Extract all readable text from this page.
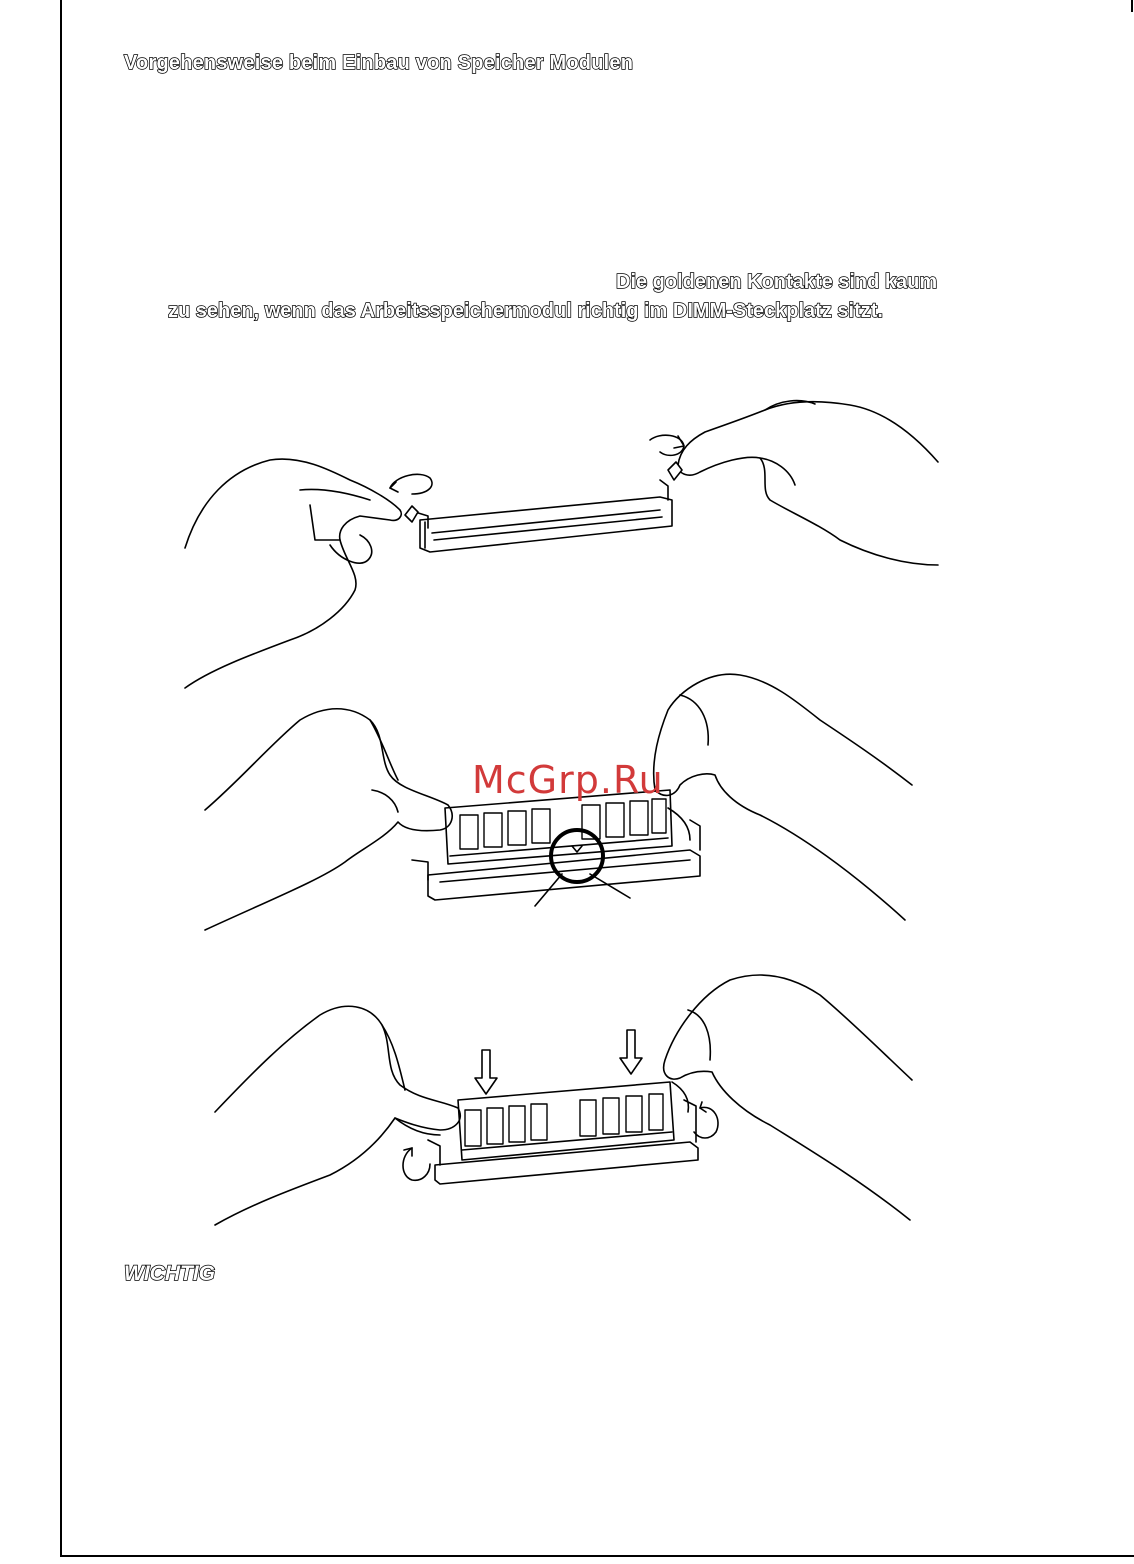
Vorgehensweise beim Einbau von Speicher Modulen
Die goldenen Kontakte sind kaum
zu sehen, wenn das Arbeitsspeichermodul richtig im DIMM-Steckplatz sitzt.
McGrp.Ru
WICHTIG
